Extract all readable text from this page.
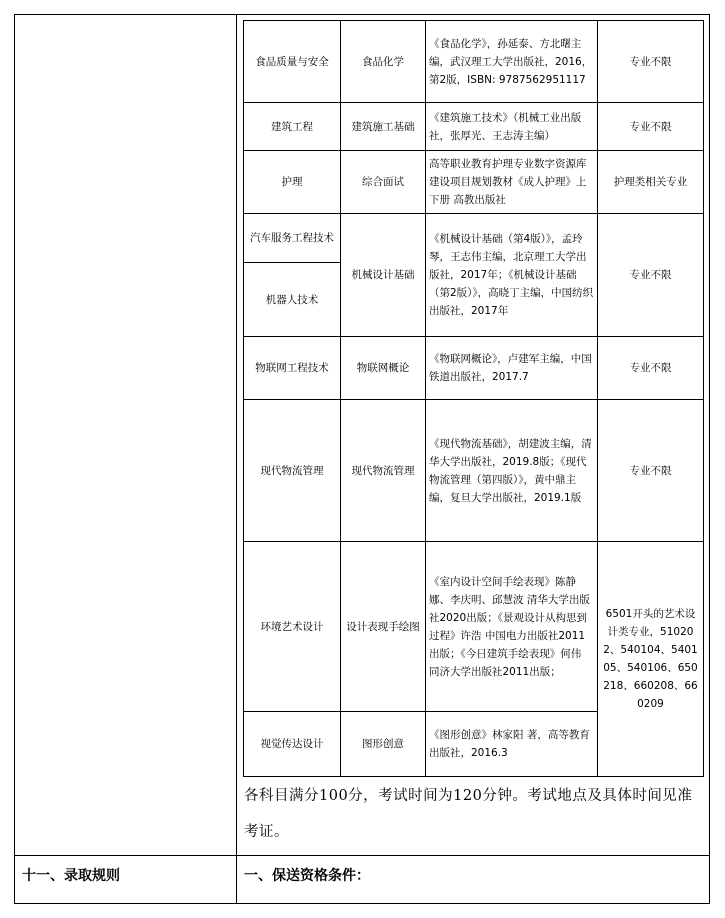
食品质量与安全	食品化学	《食品化学》，孙延泰、方北曙主编，武汉理工大学出版社，2016，第2版，ISBN: 9787562951117	专业不限
建筑工程	建筑施工基础	《建筑施工技术》（机械工业出版社，张厚光、王志涛主编）	专业不限
护理	综合面试	高等职业教育护理专业数字资源库建设项目规划教材《成人护理》上下册 高教出版社	护理类相关专业
汽车服务工程技术	机械设计基础	《机械设计基础（第4版）》，孟玲琴，王志伟主编，北京理工大学出版社，2017年；《机械设计基础（第2版）》，高晓丁主编，中国纺织出版社，2017年	专业不限
机器人技术			
物联网工程技术	物联网概论	《物联网概论》，卢建军主编，中国铁道出版社，2017.7	专业不限
现代物流管理	现代物流管理	《现代物流基础》，胡建波主编，清华大学出版社，2019.8版；《现代物流管理（第四版）》，黄中鼎主编，复旦大学出版社，2019.1版	专业不限
环境艺术设计	设计表现手绘图	《室内设计空间手绘表现》陈静娜、李庆明、邱慧波 清华大学出版社2020出版；《景观设计从构思到过程》许浩 中国电力出版社2011出版；《今日建筑手绘表现》何伟 同济大学出版社2011出版；	6501开头的艺术设计类专业，510202、540104、540105、540106、650218、660208、660209
视觉传达设计	图形创意	《图形创意》林家阳 著，高等教育出版社，2016.3	
各科目满分100分，考试时间为120分钟。考试地点及具体时间见准考证。
十一、录取规则	一、保送资格条件：
